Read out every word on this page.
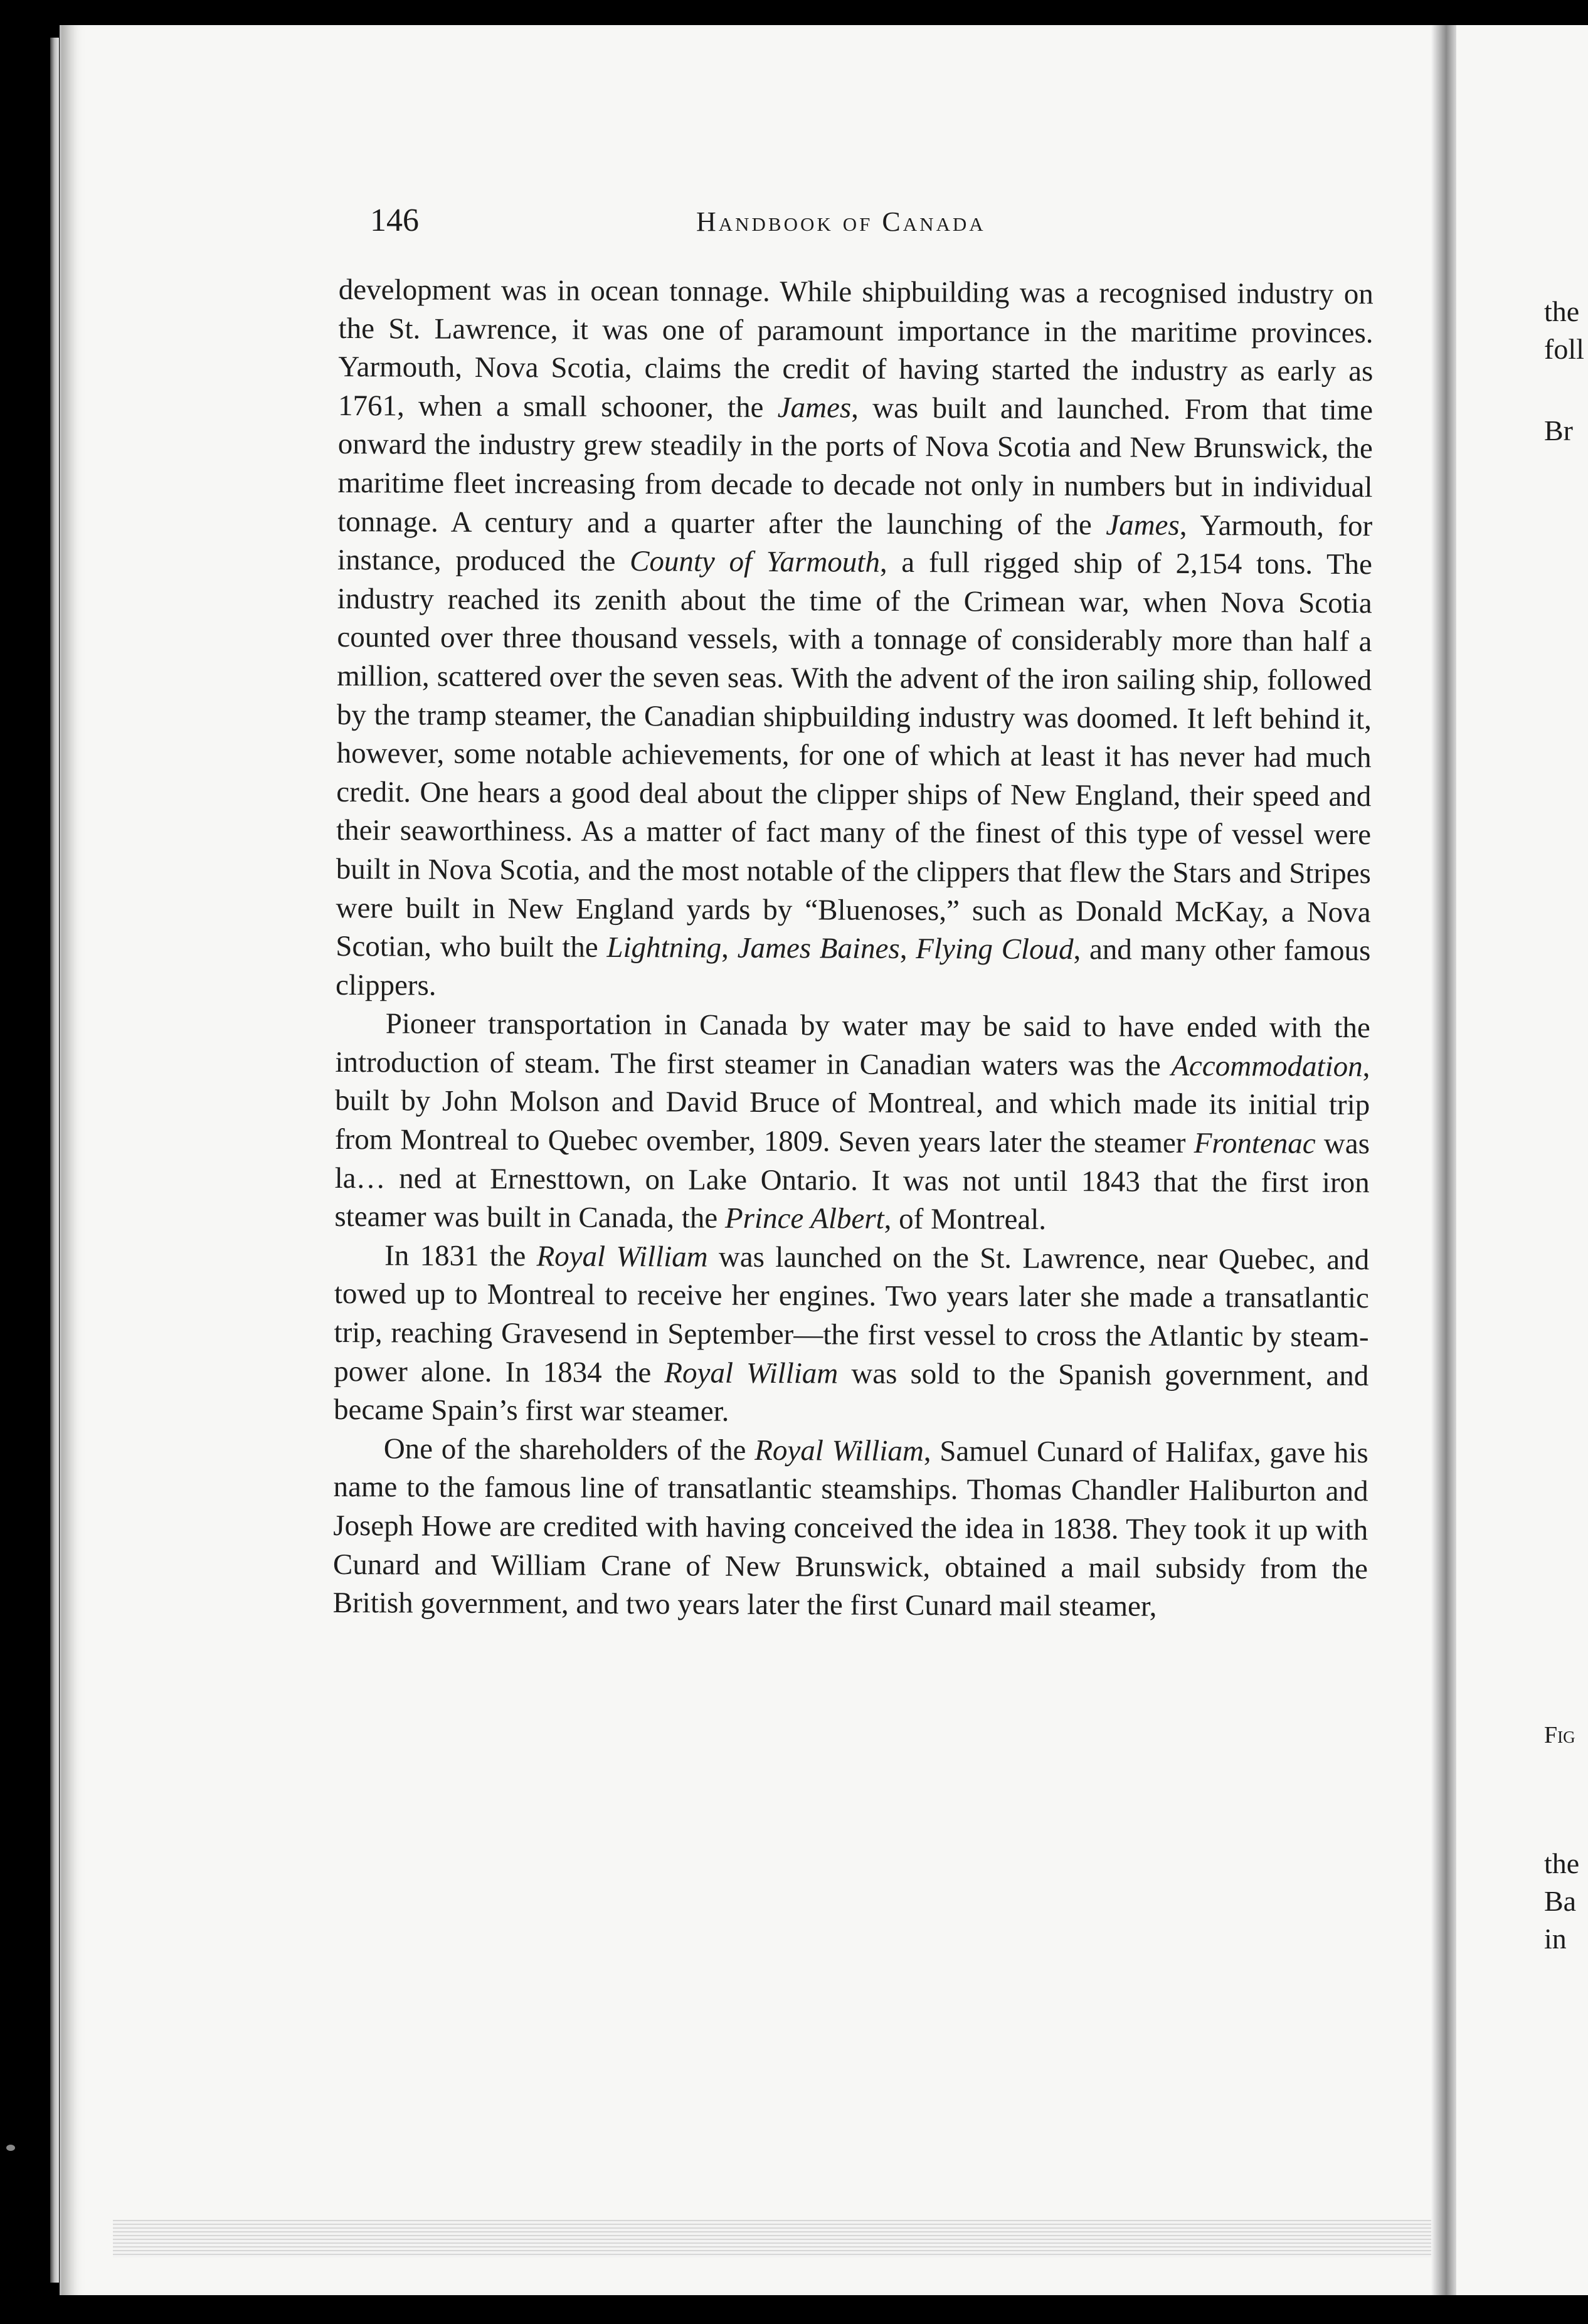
146	Handbook of Canada

development was in ocean tonnage. While shipbuilding was a recognised industry on the St. Lawrence, it was one of paramount importance in the maritime provinces. Yarmouth, Nova Scotia, claims the credit of having started the industry as early as 1761, when a small schooner, the James, was built and launched. From that time onward the industry grew steadily in the ports of Nova Scotia and New Brunswick, the maritime fleet increasing from decade to decade not only in numbers but in individual tonnage. A century and a quarter after the launching of the James, Yarmouth, for instance, produced the County of Yarmouth, a full rigged ship of 2,154 tons. The industry reached its zenith about the time of the Crimean war, when Nova Scotia counted over three thousand vessels, with a tonnage of considerably more than half a million, scattered over the seven seas. With the advent of the iron sailing ship, followed by the tramp steamer, the Canadian shipbuilding industry was doomed. It left behind it, however, some notable achievements, for one of which at least it has never had much credit. One hears a good deal about the clipper ships of New England, their speed and their seaworthiness. As a matter of fact many of the finest of this type of vessel were built in Nova Scotia, and the most notable of the clippers that flew the Stars and Stripes were built in New England yards by “Bluenoses,” such as Donald McKay, a Nova Scotian, who built the Lightning, James Baines, Flying Cloud, and many other famous clippers.

Pioneer transportation in Canada by water may be said to have ended with the introduction of steam. The first steamer in Canadian waters was the Accommodation, built by John Molson and David Bruce of Montreal, and which made its initial trip from Montreal to Quebec ovember, 1809. Seven years later the steamer Frontenac was la… ned at Ernesttown, on Lake Ontario. It was not until 1843 that the first iron steamer was built in Canada, the Prince Albert, of Montreal.

In 1831 the Royal William was launched on the St. Lawrence, near Quebec, and towed up to Montreal to receive her engines. Two years later she made a transatlantic trip, reaching Gravesend in September—the first vessel to cross the Atlantic by steam-power alone. In 1834 the Royal William was sold to the Spanish government, and became Spain’s first war steamer.

One of the shareholders of the Royal William, Samuel Cunard of Halifax, gave his name to the famous line of transatlantic steamships. Thomas Chandler Haliburton and Joseph Howe are credited with having conceived the idea in 1838. They took it up with Cunard and William Crane of New Brunswick, obtained a mail subsidy from the British government, and two years later the first Cunard mail steamer,

the
foll
Br
Fig
the
Ba
in
